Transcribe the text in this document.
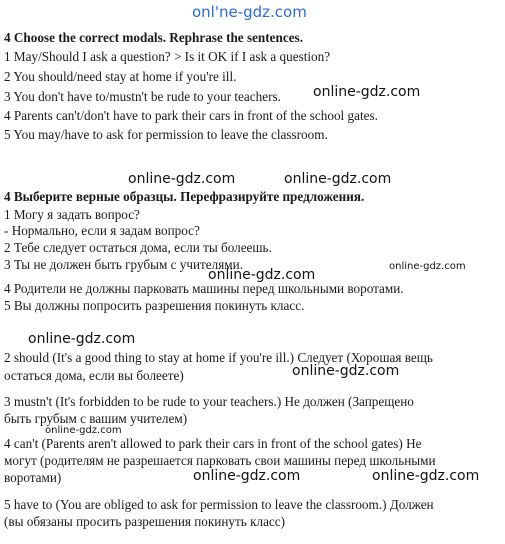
onl'ne-gdz.com
4 Choose the correct modals. Rephrase the sentences.
1 May/Should I ask a question? > Is it OK if I ask a question?
2 You should/need stay at home if you're ill.
3 You don't have to/mustn't be rude to your teachers.
4 Parents can't/don't have to park their cars in front of the school gates.
5 You may/have to ask for permission to leave the classroom.
4 Выберите верные образцы. Перефразируйте предложения.
1 Могу я задать вопрос?
- Нормально, если я задам вопрос?
2 Тебе следует остаться дома, если ты болеешь.
3 Ты не должен быть грубым с учителями.
4 Родители не должны парковать машины перед школьными воротами.
5 Вы должны попросить разрешения покинуть класс.
2 should (It's a good thing to stay at home if you're ill.) Следует (Хорошая вещь
остаться дома, если вы болеете)
3 mustn't (It's forbidden to be rude to your teachers.) Не должен (Запрещено
быть грубым с вашим учителем)
4 can't (Parents aren't allowed to park their cars in front of the school gates) Не
могут (родителям не разрешается парковать свои машины перед школьными
воротами)
5 have to (You are obliged to ask for permission to leave the classroom.) Должен
(вы обязаны просить разрешения покинуть класс)
online-gdz.com
online-gdz.com	online-gdz.com
online-gdz.com
online-gdz.com
online-gdz.com
online-gdz.com
online-gdz.com
online-gdz.com	online-gdz.com
